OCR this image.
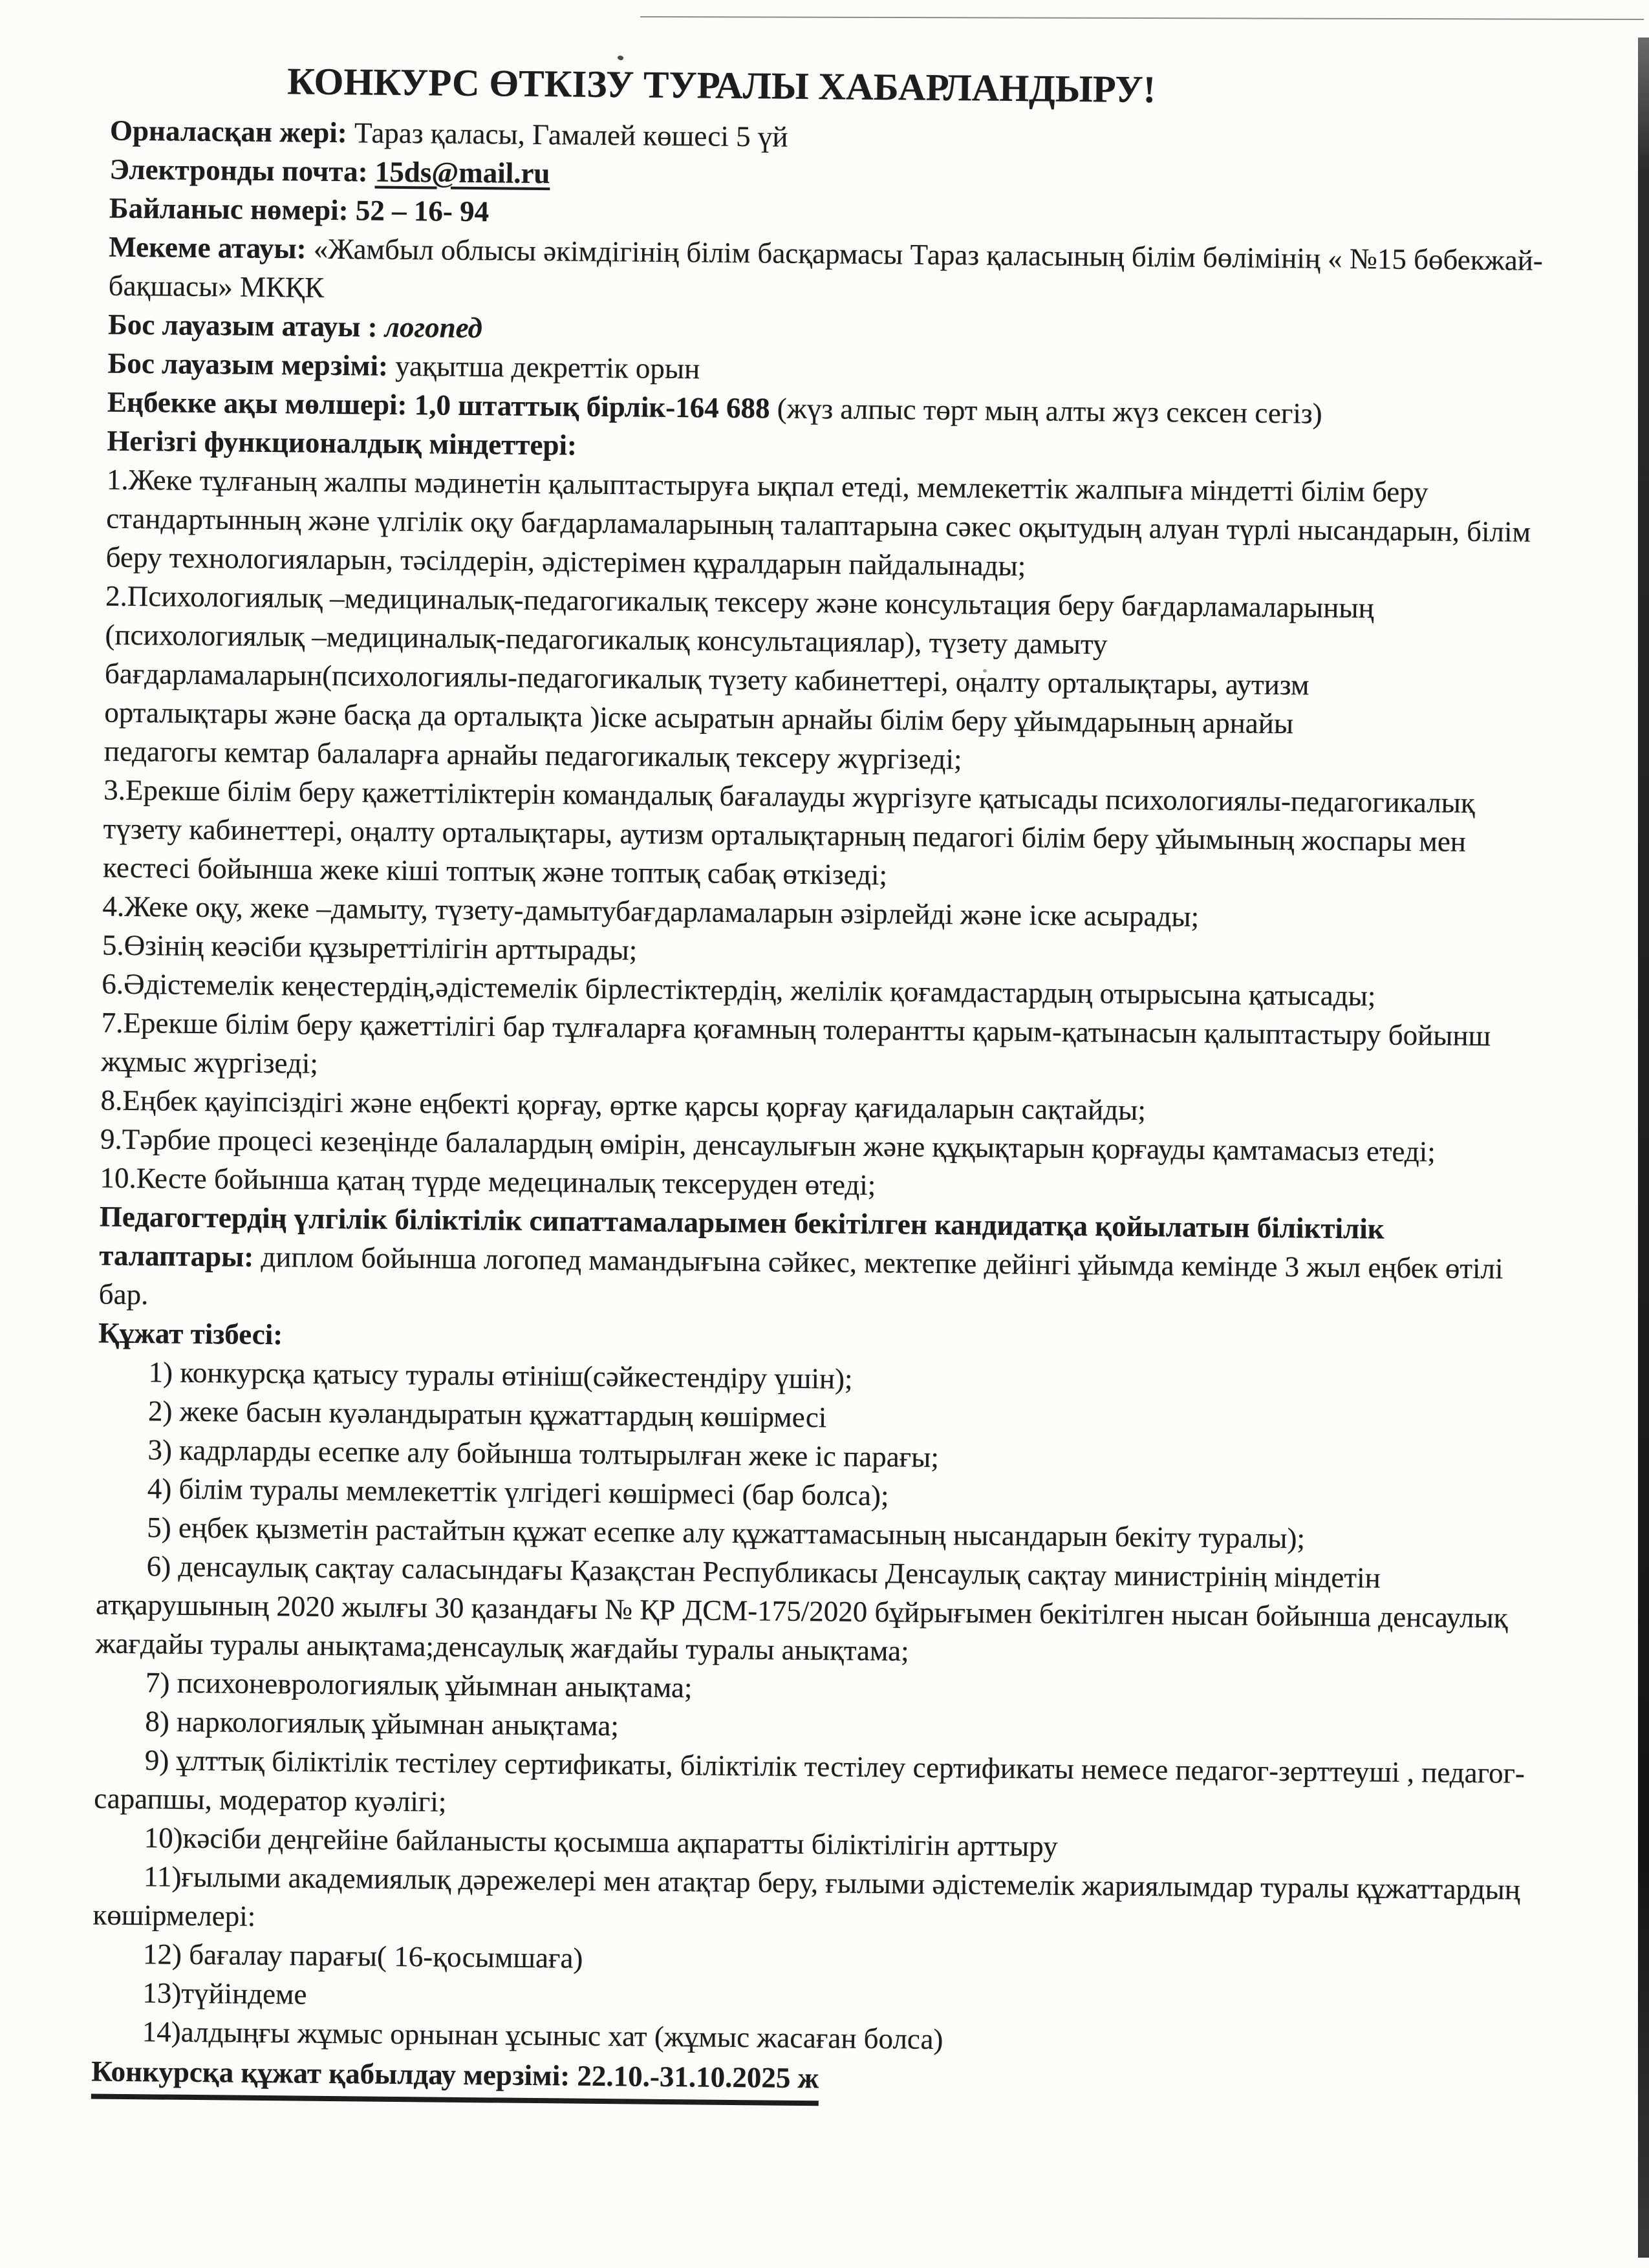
КОНКУРС ӨТКІЗУ ТУРАЛЫ ХАБАРЛАНДЫРУ!

Орналасқан жері: Тараз қаласы, Гамалей көшесі 5 үй

Электронды почта: 15ds@mail.ru

Байланыс нөмері: 52 – 16- 94

Мекеме атауы: «Жамбыл облысы әкімдігінің білім басқармасы Тараз қаласының білім бөлімінің « №15 бөбекжай-бақшасы» МКҚК

Бос лауазым атауы : логопед

Бос лауазым мерзімі: уақытша декреттік орын

Еңбекке ақы мөлшері: 1,0 штаттық бірлік-164 688 (жүз алпыс төрт мың алты жүз сексен сегіз)

Негізгі функционалдық міндеттері:

1.Жеке тұлғаның жалпы мәдинетін қалыптастыруға ықпал етеді, мемлекеттік жалпыға міндетті білім беру стандартынның және үлгілік оқу бағдарламаларының талаптарына сәкес оқытудың алуан түрлі нысандарын, білім беру технологияларын, тәсілдерін, әдістерімен құралдарын пайдалынады;

2.Психологиялық –медициналық-педагогикалық тексеру және консультация беру бағдарламаларының
(психологиялық –медициналық-педагогикалық консультациялар), түзету дамыту
бағдарламаларын(психологиялы-педагогикалық түзету кабинеттері, оңалту орталықтары, аутизм
орталықтары және басқа да орталықта )іске асыратын арнайы білім беру ұйымдарының арнайы
педагогы кемтар балаларға арнайы педагогикалық тексеру жүргізеді;

3.Ерекше білім беру қажеттіліктерін командалық бағалауды жүргізуге қатысады психологиялы-педагогикалық түзету кабинеттері, оңалту орталықтары, аутизм орталықтарның педагогі білім беру ұйымының жоспары мен кестесі бойынша жеке кіші топтық және топтық сабақ өткізеді;

4.Жеке оқу, жеке –дамыту, түзету-дамытубағдарламаларын әзірлейді және іске асырады;

5.Өзінің кеәсіби құзыреттілігін арттырады;

6.Әдістемелік кеңестердің,әдістемелік бірлестіктердің, желілік қоғамдастардың отырысына қатысады;

7.Ерекше білім беру қажеттілігі бар тұлғаларға қоғамның толерантты қарым-қатынасын қалыптастыру бойынш жұмыс жүргізеді;

8.Еңбек қауіпсіздігі және еңбекті қорғау, өртке қарсы қорғау қағидаларын сақтайды;

9.Тәрбие процесі кезеңінде балалардың өмірін, денсаулығын және құқықтарын қорғауды қамтамасыз етеді;

10.Кесте бойынша қатаң түрде медециналық тексеруден өтеді;

Педагогтердің үлгілік біліктілік сипаттамаларымен бекітілген кандидатқа қойылатын біліктілік талаптары: диплом бойынша логопед мамандығына сәйкес, мектепке дейінгі ұйымда кемінде 3 жыл еңбек өтілі бар.

Құжат тізбесі:

1) конкурсқа қатысу туралы өтініш(сәйкестендіру үшін);

2) жеке басын куәландыратын құжаттардың көшірмесі

3) кадрларды есепке алу бойынша толтырылған жеке іс парағы;

4) білім туралы мемлекеттік үлгідегі көшірмесі (бар болса);

5) еңбек қызметін растайтын құжат есепке алу құжаттамасының нысандарын бекіту туралы);

6) денсаулық сақтау саласындағы Қазақстан Республикасы Денсаулық сақтау министрінің міндетін атқарушының 2020 жылғы 30 қазандағы № ҚР ДСМ-175/2020 бұйрығымен бекітілген нысан бойынша денсаулық жағдайы туралы анықтама;денсаулық жағдайы туралы анықтама;

7) психоневрологиялық ұйымнан анықтама;

8) наркологиялық ұйымнан анықтама;

9) ұлттық біліктілік тестілеу сертификаты, біліктілік тестілеу сертификаты немесе педагог-зерттеуші , педагог-сарапшы, модератор куәлігі;

10)кәсіби деңгейіне байланысты қосымша ақпаратты біліктілігін арттыру

11)ғылыми академиялық дәрежелері мен атақтар беру, ғылыми әдістемелік жариялымдар туралы құжаттардың көшірмелері:

12) бағалау парағы( 16-қосымшаға)

13)түйіндеме

14)алдыңғы жұмыс орнынан ұсыныс хат (жұмыс жасаған болса)

Конкурсқа құжат қабылдау мерзімі: 22.10.-31.10.2025 ж
